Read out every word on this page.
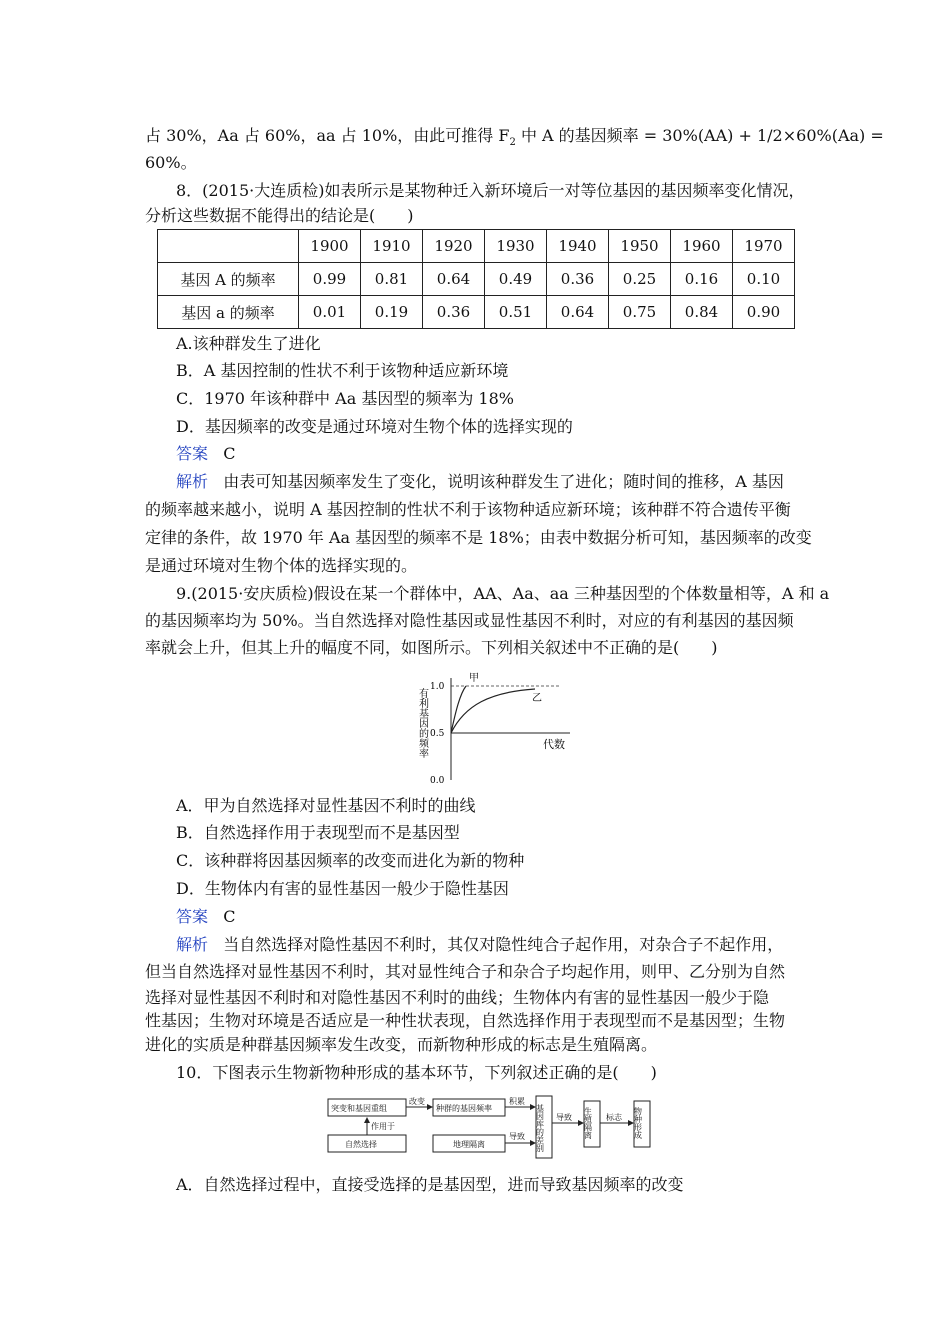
占 30%，Aa 占 60%，aa 占 10%，由此可推得 $F_2$ 中 A 的基因频率 = 30%(AA) + 1/2×60%(Aa) =
60%。
8．(2015·大连质检)如表所示是某物种迁入新环境后一对等位基因的基因频率变化情况，
分析这些数据不能得出的结论是(　　)
	1900	1910	1920	1930	1940	1950	1960	1970
基因 A 的频率	0.99	0.81	0.64	0.49	0.36	0.25	0.16	0.10
基因 a 的频率	0.01	0.19	0.36	0.51	0.64	0.75	0.84	0.90
A.该种群发生了进化
B．A 基因控制的性状不利于该物种适应新环境
C．1970 年该种群中 Aa 基因型的频率为 18%
D．基因频率的改变是通过环境对生物个体的选择实现的
答案 C
解析 由表可知基因频率发生了变化，说明该种群发生了进化；随时间的推移，A 基因
的频率越来越小，说明 A 基因控制的性状不利于该物种适应新环境；该种群不符合遗传平衡
定律的条件，故 1970 年 Aa 基因型的频率不是 18%；由表中数据分析可知，基因频率的改变
是通过环境对生物个体的选择实现的。
9.(2015·安庆质检)假设在某一个群体中，AA、Aa、aa 三种基因型的个体数量相等，A 和 a
的基因频率均为 50%。当自然选择对隐性基因或显性基因不利时，对应的有利基因的基因频
率就会上升，但其上升的幅度不同，如图所示。下列相关叙述中不正确的是(　　)
有利基因的频率
1.0
0.5
0.0
代数
甲
乙
A．甲为自然选择对显性基因不利时的曲线
B．自然选择作用于表现型而不是基因型
C．该种群将因基因频率的改变而进化为新的物种
D．生物体内有害的显性基因一般少于隐性基因
答案 C
解析 当自然选择对隐性基因不利时，其仅对隐性纯合子起作用，对杂合子不起作用，
但当自然选择对显性基因不利时，其对显性纯合子和杂合子均起作用，则甲、乙分别为自然
选择对显性基因不利时和对隐性基因不利时的曲线；生物体内有害的显性基因一般少于隐
性基因；生物对环境是否适应是一种性状表现，自然选择作用于表现型而不是基因型；生物
进化的实质是种群基因频率发生改变，而新物种形成的标志是生殖隔离。
10．下图表示生物新物种形成的基本环节，下列叙述正确的是(　　)
突变和基因重组
自然选择
作用于
改变
种群的基因频率
地理隔离
积累
导致 基因库的差别 导致 生殖隔离 标志 物种形成
A．自然选择过程中，直接受选择的是基因型，进而导致基因频率的改变
